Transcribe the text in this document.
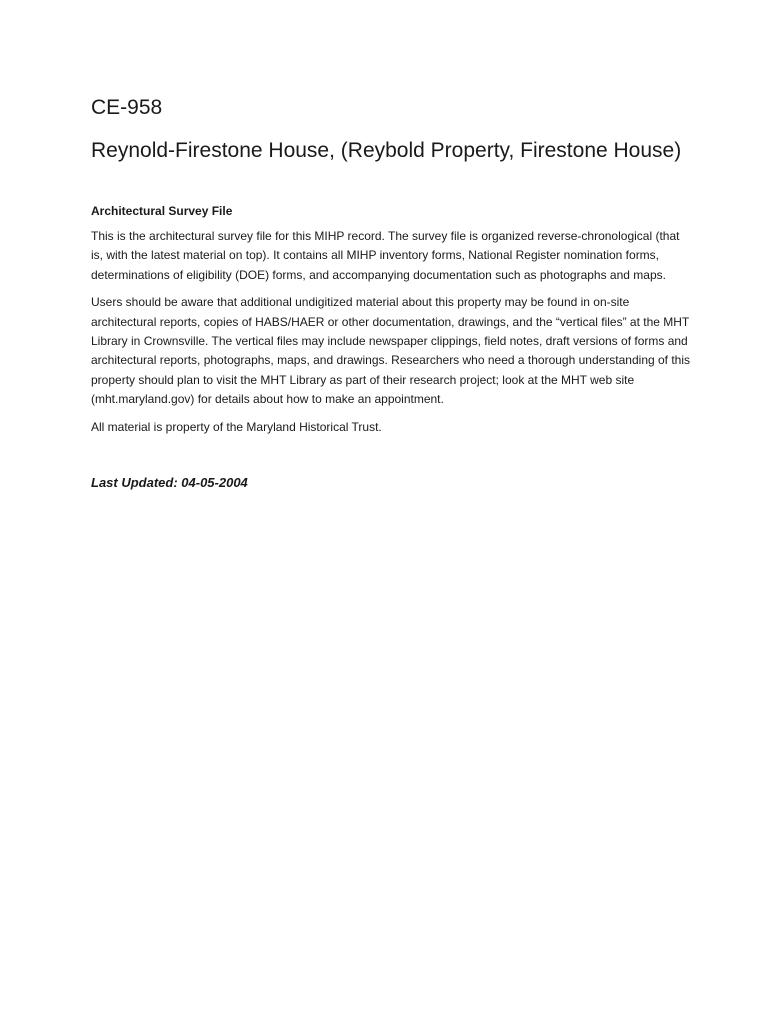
CE-958
Reynold-Firestone House, (Reybold Property, Firestone House)
Architectural Survey File

This is the architectural survey file for this MIHP record. The survey file is organized reverse-chronological (that is, with the latest material on top). It contains all MIHP inventory forms, National Register nomination forms, determinations of eligibility (DOE) forms, and accompanying documentation such as photographs and maps.

Users should be aware that additional undigitized material about this property may be found in on-site architectural reports, copies of HABS/HAER or other documentation, drawings, and the “vertical files” at the MHT Library in Crownsville. The vertical files may include newspaper clippings, field notes, draft versions of forms and architectural reports, photographs, maps, and drawings. Researchers who need a thorough understanding of this property should plan to visit the MHT Library as part of their research project; look at the MHT web site (mht.maryland.gov) for details about how to make an appointment.

All material is property of the Maryland Historical Trust.

Last Updated: 04-05-2004
